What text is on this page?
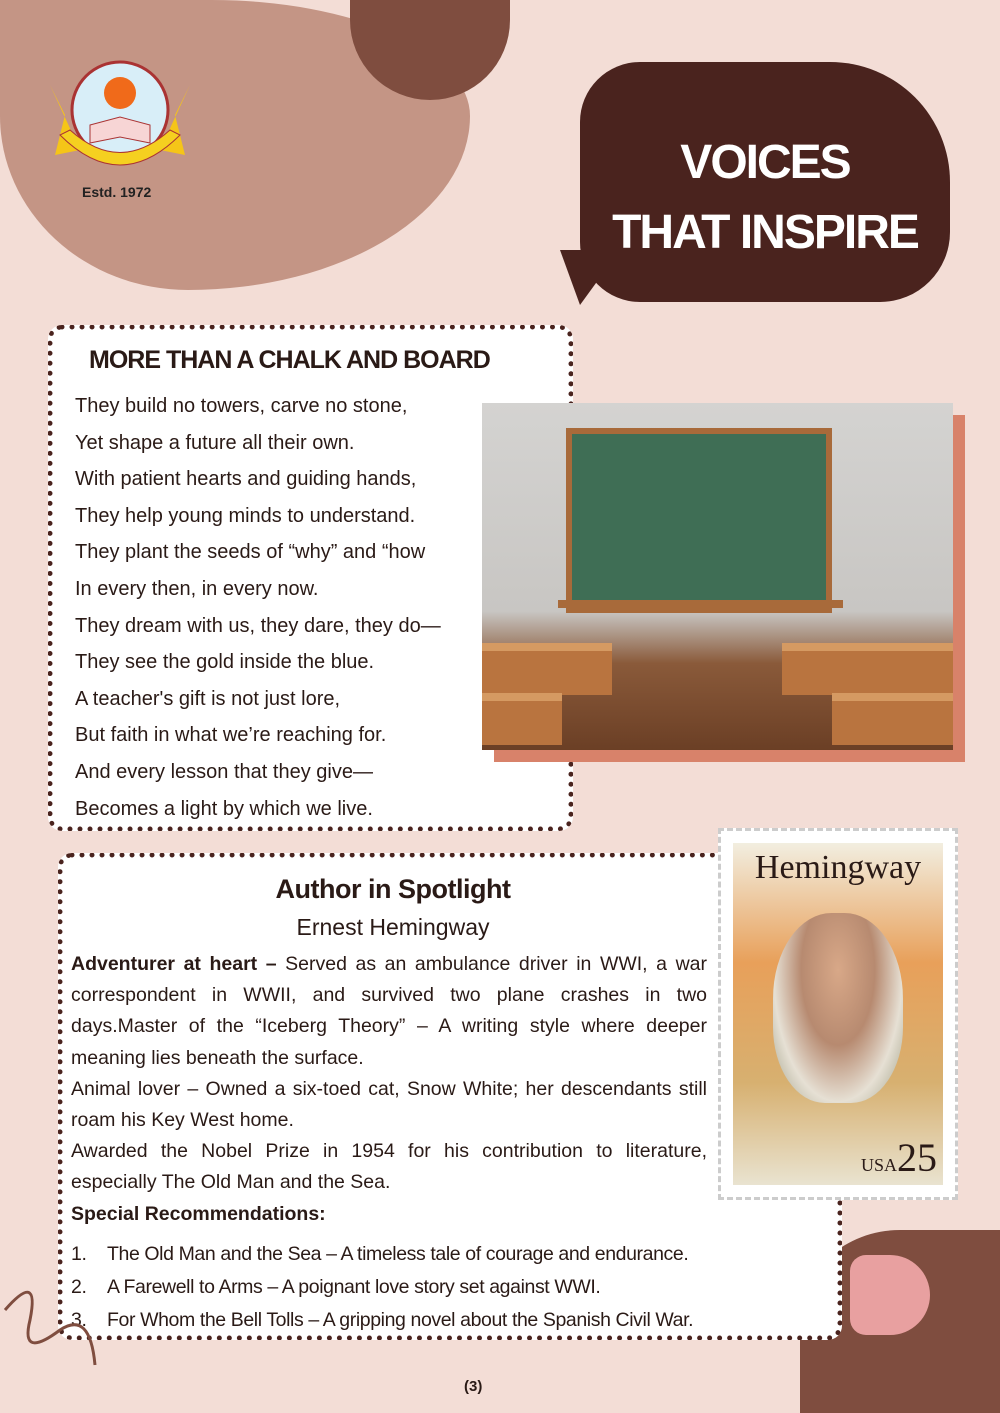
Estd. 1972
VOICES
THAT INSPIRE
MORE THAN A CHALK AND BOARD
They build no towers, carve no stone,
Yet shape a future all their own.
With patient hearts and guiding hands,
They help young minds to understand.
They plant the seeds of “why” and “how
In every then, in every now.
They dream with us, they dare, they do—
They see the gold inside the blue.
A teacher's gift is not just lore,
But faith in what we’re reaching for.
And every lesson that they give—
Becomes a light by which we live.
Author in Spotlight
Ernest Hemingway
Adventurer at heart – Served as an ambulance driver in WWI, a war correspondent in WWII, and survived two plane crashes in two days.Master of the “Iceberg Theory” – A writing style where deeper meaning lies beneath the surface.
Animal lover – Owned a six-toed cat, Snow White; her descendants still roam his Key West home.
Awarded the Nobel Prize in 1954 for his contribution to literature, especially The Old Man and the Sea.
Special Recommendations:
1. The Old Man and the Sea – A timeless tale of courage and endurance.
2. A Farewell to Arms – A poignant love story set against WWI.
3. For Whom the Bell Tolls – A gripping novel about the Spanish Civil War.
Hemingway
USA25
(3)
